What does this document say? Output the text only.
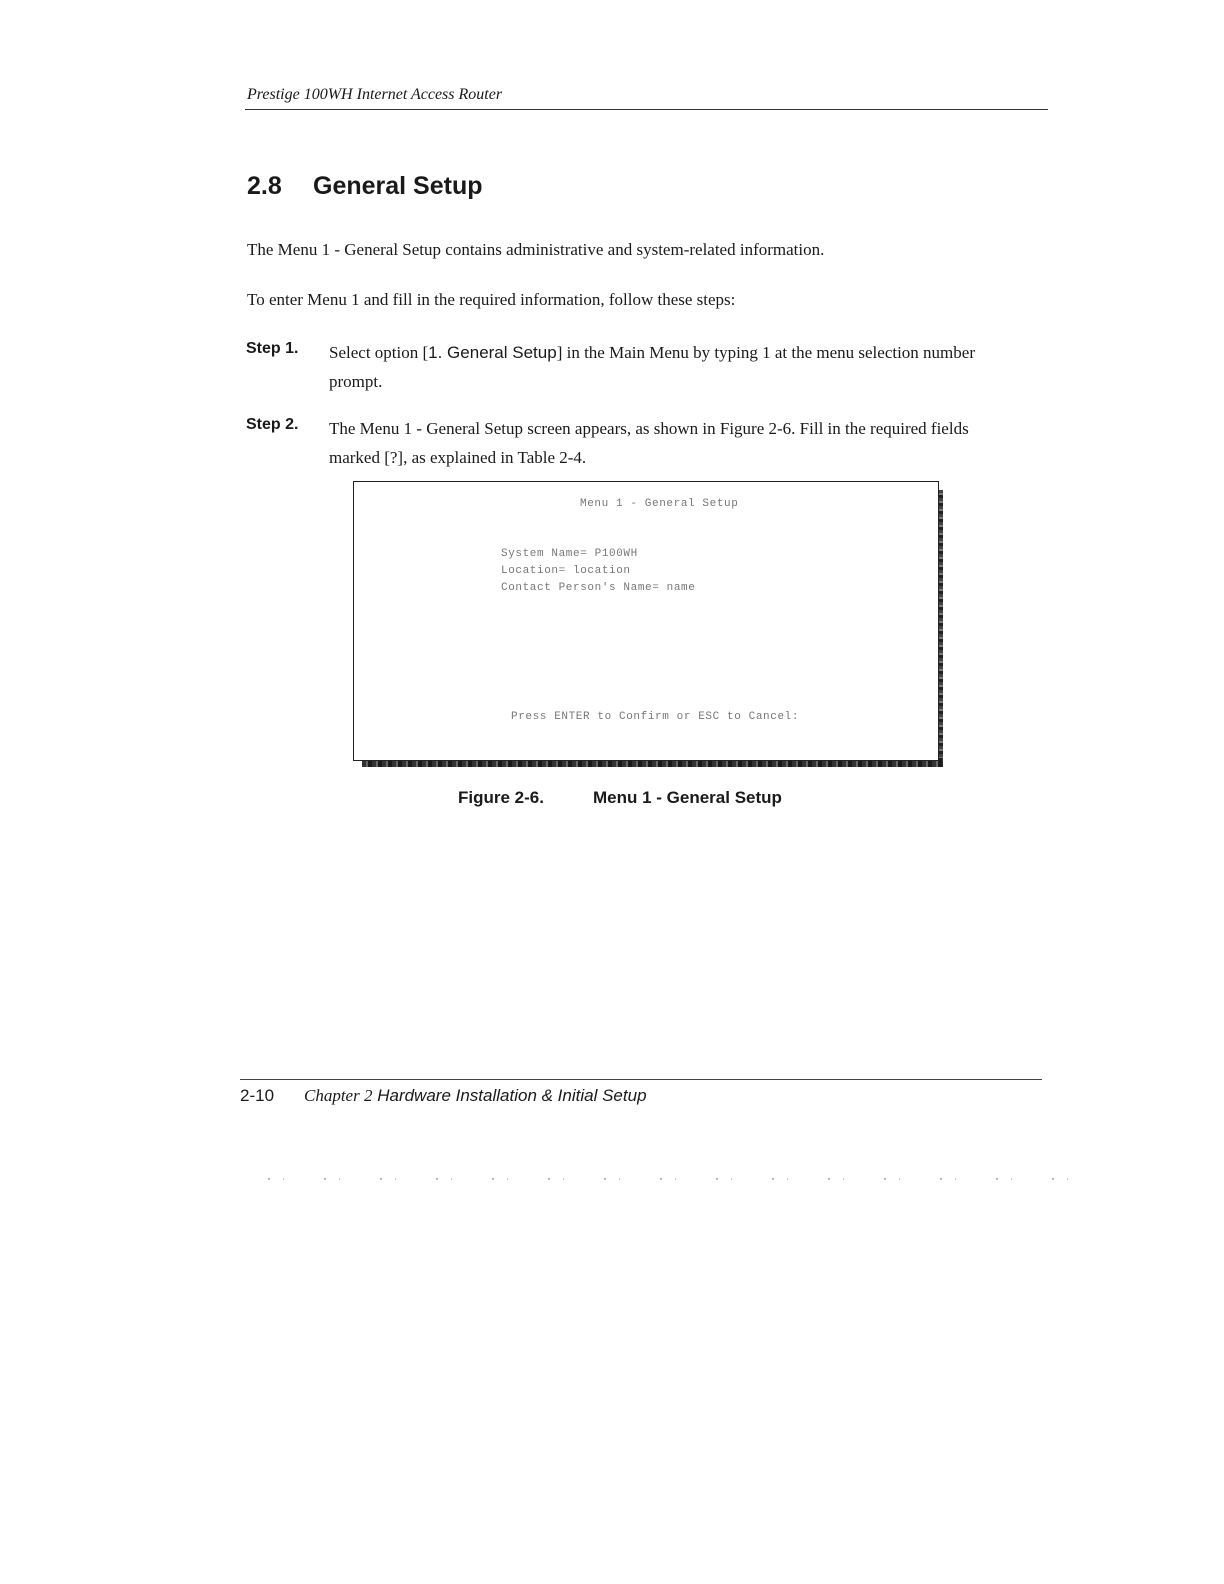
Prestige 100WH Internet Access Router
2.8 General Setup
The Menu 1 - General Setup contains administrative and system-related information.
To enter Menu 1 and fill in the required information, follow these steps:
Step 1. Select option [1. General Setup] in the Main Menu by typing 1 at the menu selection number prompt.
Step 2. The Menu 1 - General Setup screen appears, as shown in Figure 2-6. Fill in the required fields marked [?], as explained in Table 2-4.
Menu 1 - General Setup
System Name= P100WH
Location= location
Contact Person's Name= name
Press ENTER to Confirm or ESC to Cancel:
Figure 2-6.	Menu 1 - General Setup
2-10 Chapter 2 Hardware Installation & Initial Setup
